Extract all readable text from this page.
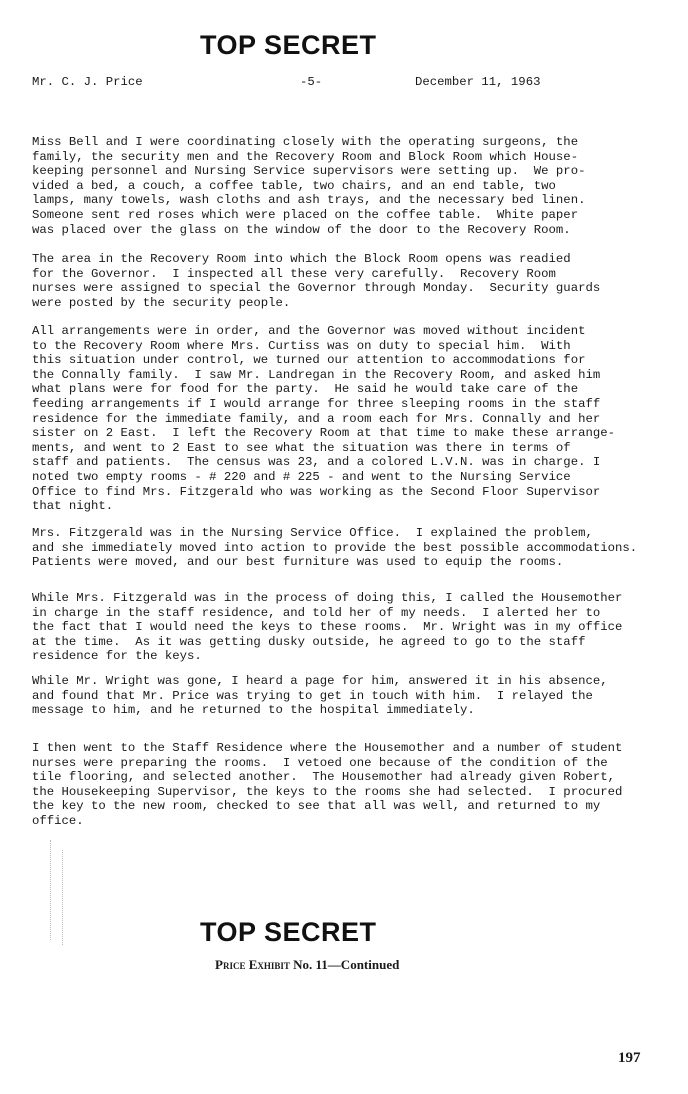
TOP SECRET
Mr. C. J. Price	-5-	December 11, 1963
Miss Bell and I were coordinating closely with the operating surgeons, the
family, the security men and the Recovery Room and Block Room which House-
keeping personnel and Nursing Service supervisors were setting up.  We pro-
vided a bed, a couch, a coffee table, two chairs, and an end table, two
lamps, many towels, wash cloths and ash trays, and the necessary bed linen.
Someone sent red roses which were placed on the coffee table.  White paper
was placed over the glass on the window of the door to the Recovery Room.
The area in the Recovery Room into which the Block Room opens was readied
for the Governor.  I inspected all these very carefully.  Recovery Room
nurses were assigned to special the Governor through Monday.  Security guards
were posted by the security people.
All arrangements were in order, and the Governor was moved without incident
to the Recovery Room where Mrs. Curtiss was on duty to special him.  With
this situation under control, we turned our attention to accommodations for
the Connally family.  I saw Mr. Landregan in the Recovery Room, and asked him
what plans were for food for the party.  He said he would take care of the
feeding arrangements if I would arrange for three sleeping rooms in the staff
residence for the immediate family, and a room each for Mrs. Connally and her
sister on 2 East.  I left the Recovery Room at that time to make these arrange-
ments, and went to 2 East to see what the situation was there in terms of
staff and patients.  The census was 23, and a colored L.V.N. was in charge. I
noted two empty rooms - # 220 and # 225 - and went to the Nursing Service
Office to find Mrs. Fitzgerald who was working as the Second Floor Supervisor
that night.
Mrs. Fitzgerald was in the Nursing Service Office.  I explained the problem,
and she immediately moved into action to provide the best possible accommodations.
Patients were moved, and our best furniture was used to equip the rooms.
While Mrs. Fitzgerald was in the process of doing this, I called the Housemother
in charge in the staff residence, and told her of my needs.  I alerted her to
the fact that I would need the keys to these rooms.  Mr. Wright was in my office
at the time.  As it was getting dusky outside, he agreed to go to the staff
residence for the keys.
While Mr. Wright was gone, I heard a page for him, answered it in his absence,
and found that Mr. Price was trying to get in touch with him.  I relayed the
message to him, and he returned to the hospital immediately.
I then went to the Staff Residence where the Housemother and a number of student
nurses were preparing the rooms.  I vetoed one because of the condition of the
tile flooring, and selected another.  The Housemother had already given Robert,
the Housekeeping Supervisor, the keys to the rooms she had selected.  I procured
the key to the new room, checked to see that all was well, and returned to my
office.
TOP SECRET
Price Exhibit No. 11—Continued
197
